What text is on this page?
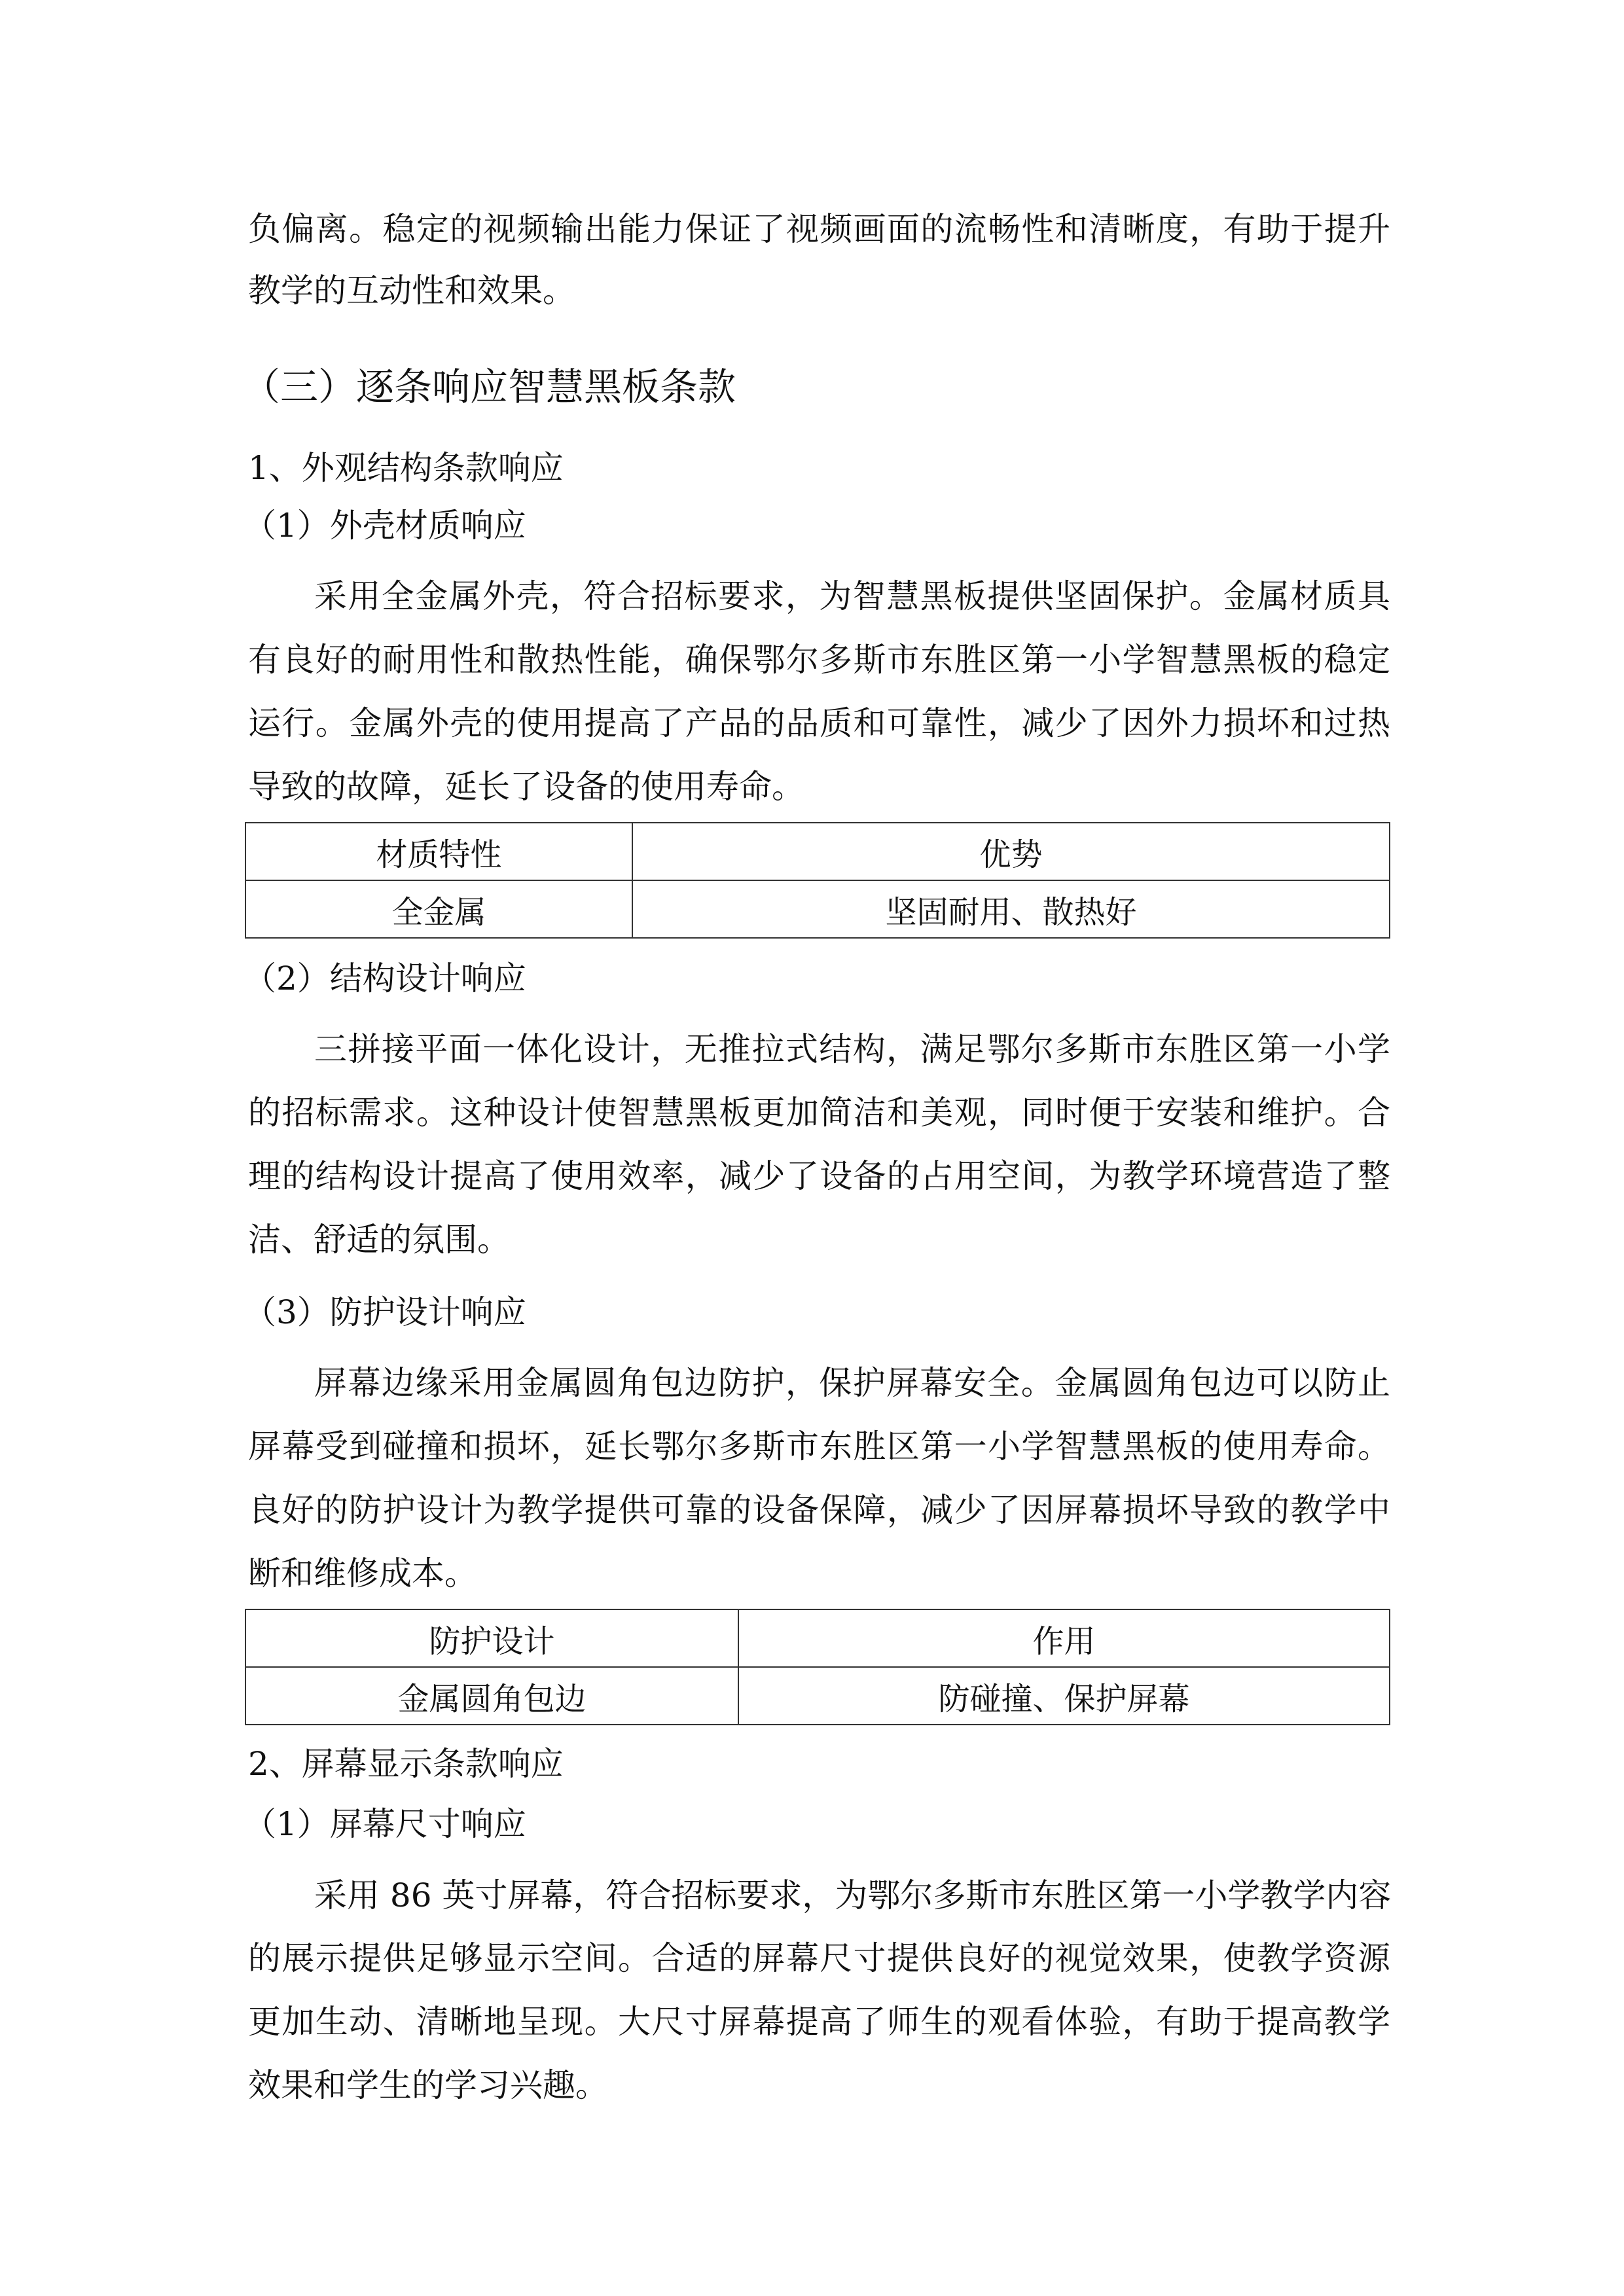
负偏离。稳定的视频输出能力保证了视频画面的流畅性和清晰度，有助于提升
教学的互动性和效果。
（三）逐条响应智慧黑板条款
1、外观结构条款响应
（1）外壳材质响应
采用全金属外壳，符合招标要求，为智慧黑板提供坚固保护。金属材质具
有良好的耐用性和散热性能，确保鄂尔多斯市东胜区第一小学智慧黑板的稳定
运行。金属外壳的使用提高了产品的品质和可靠性，减少了因外力损坏和过热
导致的故障，延长了设备的使用寿命。
材质特性	优势
全金属	坚固耐用、散热好
（2）结构设计响应
三拼接平面一体化设计，无推拉式结构，满足鄂尔多斯市东胜区第一小学
的招标需求。这种设计使智慧黑板更加简洁和美观，同时便于安装和维护。合
理的结构设计提高了使用效率，减少了设备的占用空间，为教学环境营造了整
洁、舒适的氛围。
（3）防护设计响应
屏幕边缘采用金属圆角包边防护，保护屏幕安全。金属圆角包边可以防止
屏幕受到碰撞和损坏，延长鄂尔多斯市东胜区第一小学智慧黑板的使用寿命。
良好的防护设计为教学提供可靠的设备保障，减少了因屏幕损坏导致的教学中
断和维修成本。
防护设计	作用
金属圆角包边	防碰撞、保护屏幕
2、屏幕显示条款响应
（1）屏幕尺寸响应
采用 86 英寸屏幕，符合招标要求，为鄂尔多斯市东胜区第一小学教学内容
的展示提供足够显示空间。合适的屏幕尺寸提供良好的视觉效果，使教学资源
更加生动、清晰地呈现。大尺寸屏幕提高了师生的观看体验，有助于提高教学
效果和学生的学习兴趣。
